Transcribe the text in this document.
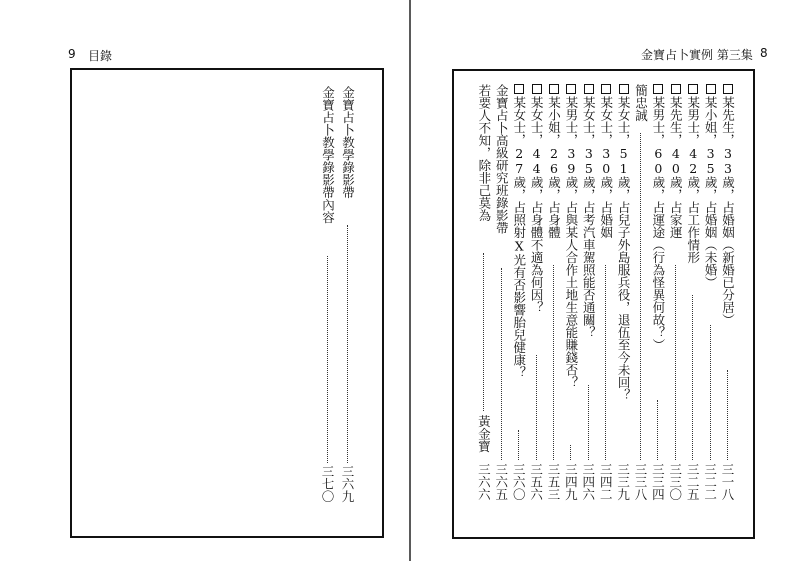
9 目錄
金寶占卜教學錄影帶
三六九
金寶占卜教學錄影帶內容
三七〇
金寶占卜實例 第三集 8
某先生，33歲，占婚姻（新婚已分居）
三一八
某小姐，35歲，占婚姻（未婚）
三二二
某男士，42歲，占工作情形
三二五
某先生，40歲，占家運
三三〇
某男士，60歲，占運途（行為怪異何故？）
三三四
簡忠誠
三三八
某女士，51歲，占兒子外島服兵役，退伍至今未回？
三三九
某女士，30歲，占婚姻
三四二
某女士，35歲，占考汽車駕照能否通關？
三四六
某男士，39歲，占與某人合作土地生意能賺錢否？
三四九
某小姐，26歲，占身體
三五三
某女士，44歲，占身體不適為何因？
三五六
某女士，27歲，占照射X光有否影響胎兒健康？
三六〇
金寶占卜高級研究班錄影帶
三六五
若要人不知，除非己莫為
黃金寶
三六六
